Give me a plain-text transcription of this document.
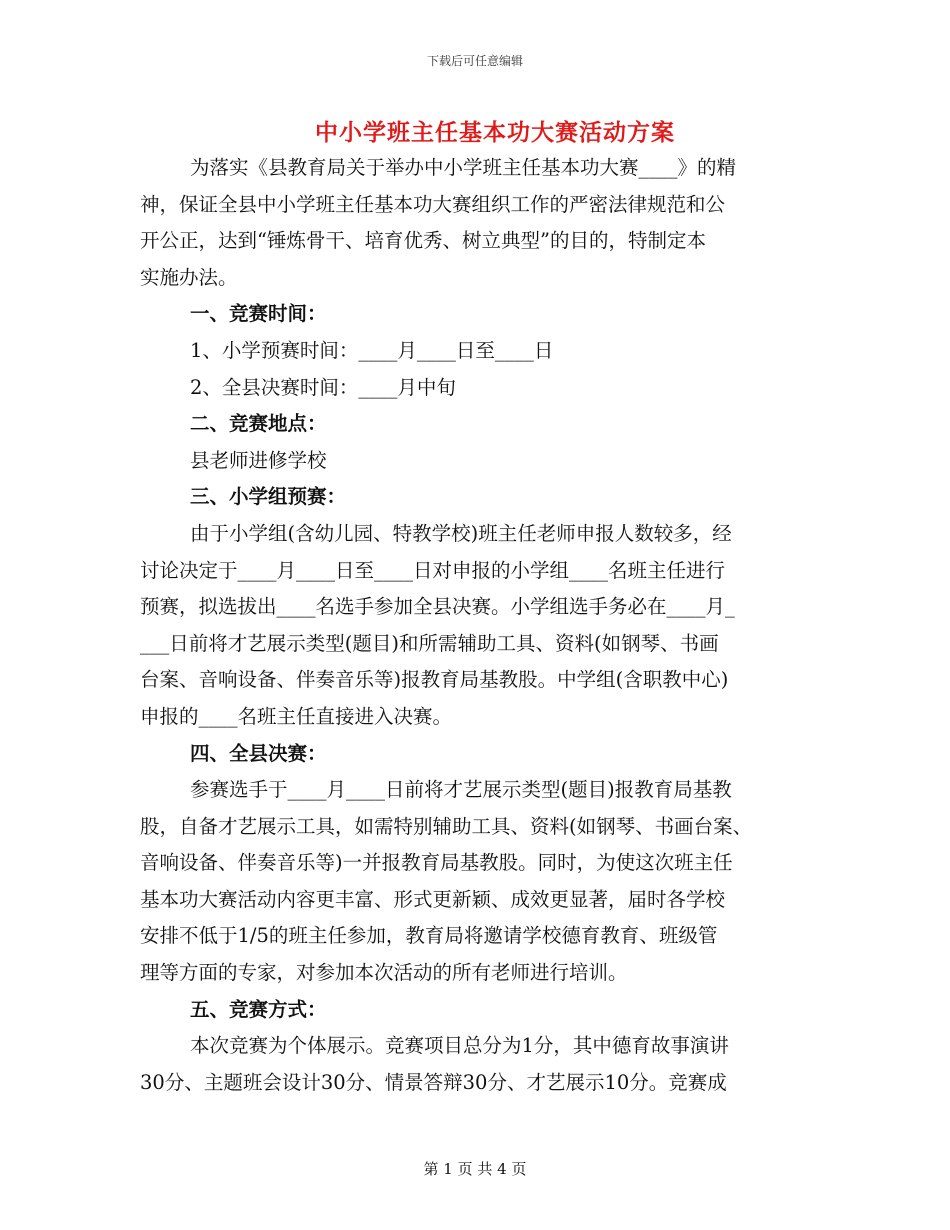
下载后可任意编辑
中小学班主任基本功大赛活动方案
为落实《县教育局关于举办中小学班主任基本功大赛____》的精
神，保证全县中小学班主任基本功大赛组织工作的严密法律规范和公
开公正，达到“锤炼骨干、培育优秀、树立典型”的目的，特制定本
实施办法。
一、竞赛时间：
1、小学预赛时间：____月____日至____日
2、全县决赛时间：____月中旬
二、竞赛地点：
县老师进修学校
三、小学组预赛：
由于小学组(含幼儿园、特教学校)班主任老师申报人数较多，经
讨论决定于____月____日至____日对申报的小学组____名班主任进行
预赛，拟选拔出____名选手参加全县决赛。小学组选手务必在____月_
___日前将才艺展示类型(题目)和所需辅助工具、资料(如钢琴、书画
台案、音响设备、伴奏音乐等)报教育局基教股。中学组(含职教中心)
申报的____名班主任直接进入决赛。
四、全县决赛：
参赛选手于____月____日前将才艺展示类型(题目)报教育局基教
股，自备才艺展示工具，如需特别辅助工具、资料(如钢琴、书画台案、
音响设备、伴奏音乐等)一并报教育局基教股。同时，为使这次班主任
基本功大赛活动内容更丰富、形式更新颖、成效更显著，届时各学校
安排不低于1/5的班主任参加，教育局将邀请学校德育教育、班级管
理等方面的专家，对参加本次活动的所有老师进行培训。
五、竞赛方式：
本次竞赛为个体展示。竞赛项目总分为1分，其中德育故事演讲
30分、主题班会设计30分、情景答辩30分、才艺展示10分。竞赛成
第 1 页 共 4 页
